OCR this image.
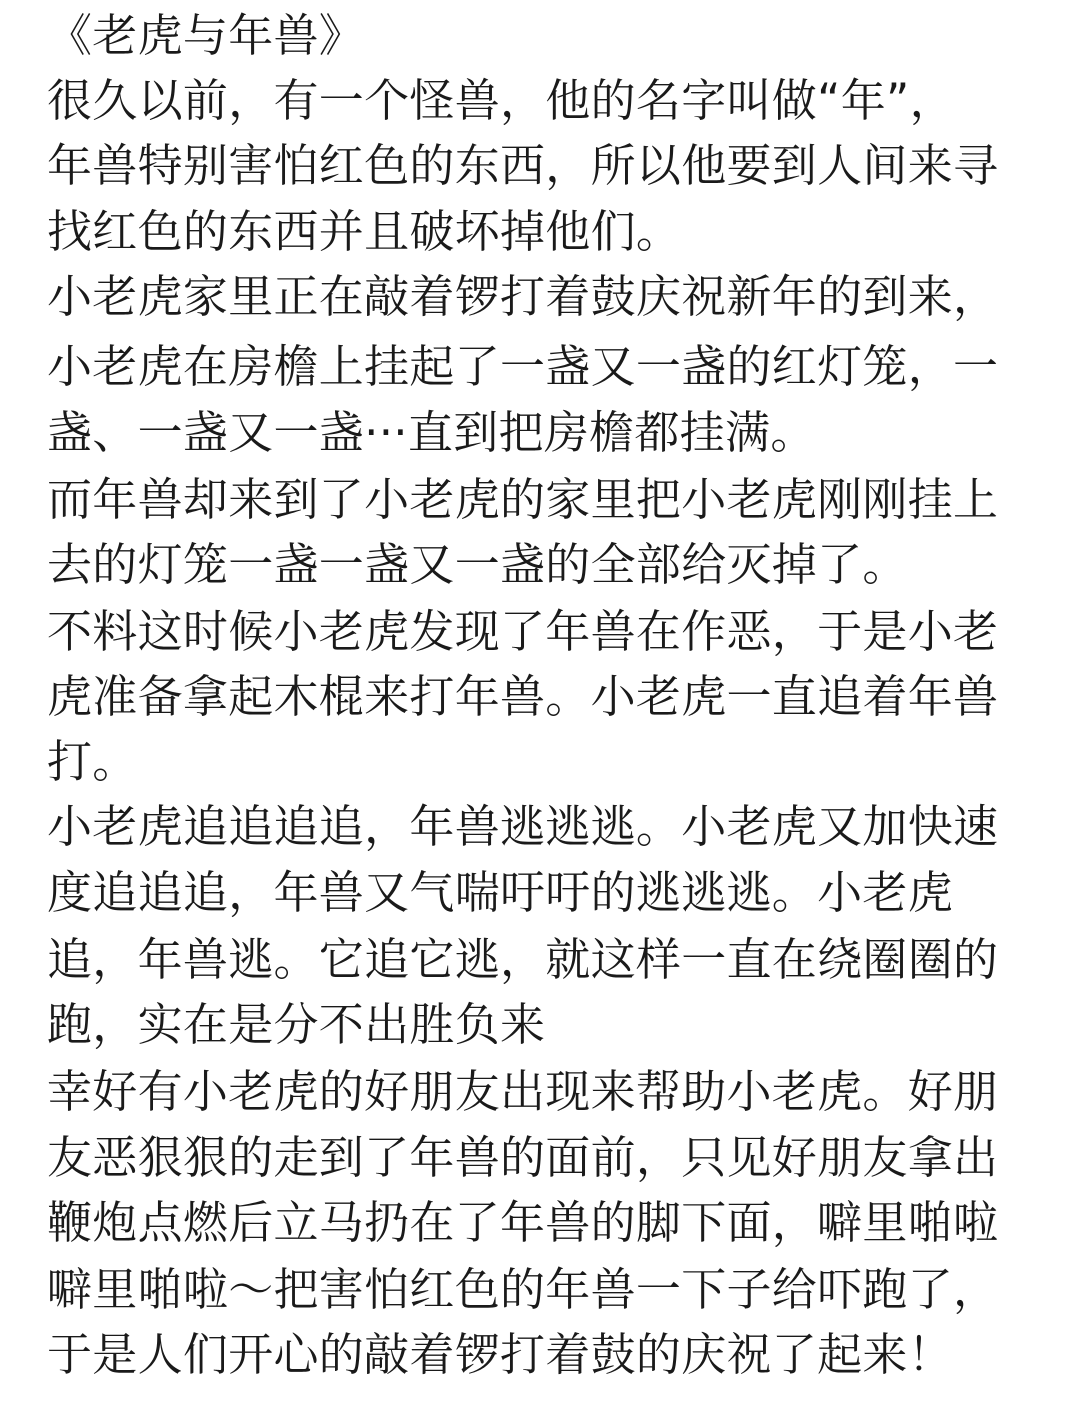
《老虎与年兽》
很久以前，有一个怪兽，他的名字叫做“年”，
年兽特别害怕红色的东西，所以他要到人间来寻
找红色的东西并且破坏掉他们。
小老虎家里正在敲着锣打着鼓庆祝新年的到来，
小老虎在房檐上挂起了一盏又一盏的红灯笼，一
盏、一盏又一盏···直到把房檐都挂满。
而年兽却来到了小老虎的家里把小老虎刚刚挂上
去的灯笼一盏一盏又一盏的全部给灭掉了。
不料这时候小老虎发现了年兽在作恶，于是小老
虎准备拿起木棍来打年兽。小老虎一直追着年兽
打。
小老虎追追追追，年兽逃逃逃。小老虎又加快速
度追追追，年兽又气喘吁吁的逃逃逃。小老虎
追，年兽逃。它追它逃，就这样一直在绕圈圈的
跑，实在是分不出胜负来
幸好有小老虎的好朋友出现来帮助小老虎。好朋
友恶狠狠的走到了年兽的面前，只见好朋友拿出
鞭炮点燃后立马扔在了年兽的脚下面，噼里啪啦
噼里啪啦～把害怕红色的年兽一下子给吓跑了，
于是人们开心的敲着锣打着鼓的庆祝了起来！
